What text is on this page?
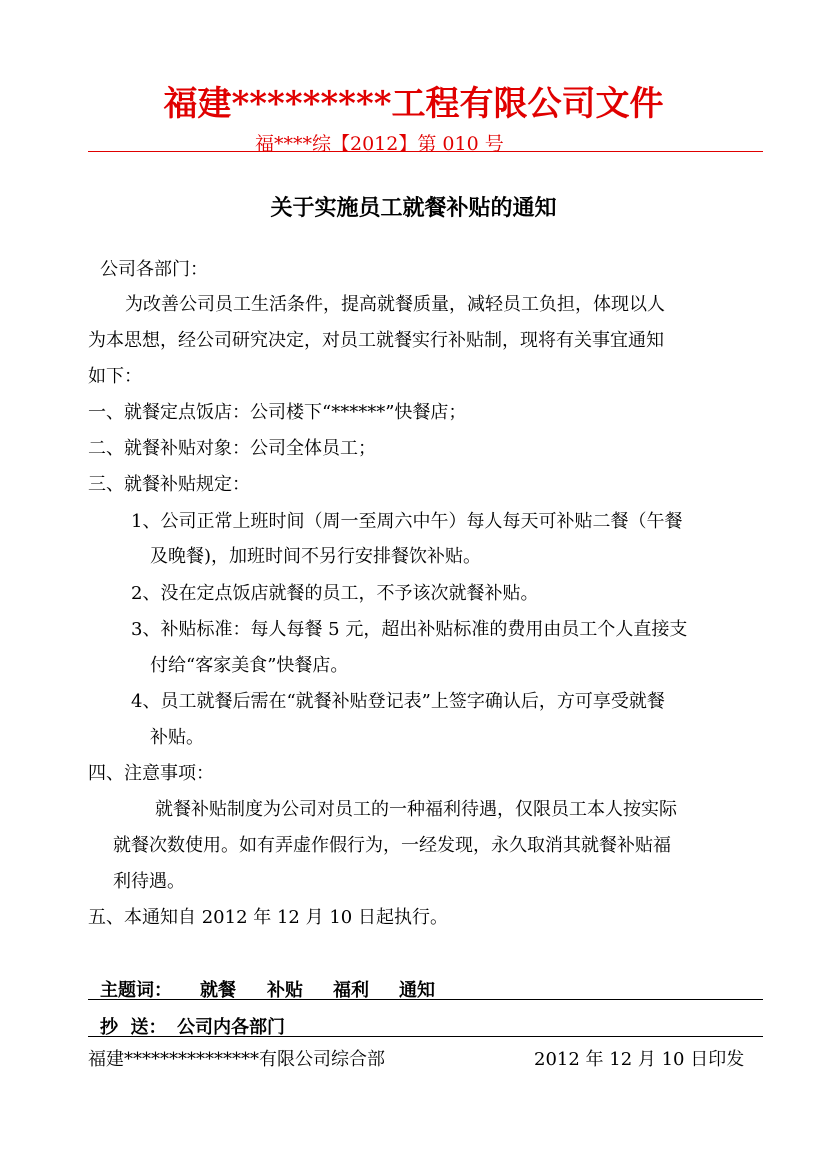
福建*********工程有限公司文件
福****综【2012】第 010 号
关于实施员工就餐补贴的通知
公司各部门：
为改善公司员工生活条件，提高就餐质量，减轻员工负担，体现以人
为本思想，经公司研究决定，对员工就餐实行补贴制，现将有关事宜通知
如下：
一、就餐定点饭店：公司楼下“******”快餐店；
二、就餐补贴对象：公司全体员工；
三、就餐补贴规定：
1、公司正常上班时间（周一至周六中午）每人每天可补贴二餐（午餐
及晚餐)，加班时间不另行安排餐饮补贴。
2、没在定点饭店就餐的员工，不予该次就餐补贴。
3、补贴标准：每人每餐 5 元，超出补贴标准的费用由员工个人直接支
付给“客家美食”快餐店。
4、员工就餐后需在“就餐补贴登记表”上签字确认后，方可享受就餐
补贴。
四、注意事项：
就餐补贴制度为公司对员工的一种福利待遇，仅限员工本人按实际
就餐次数使用。如有弄虚作假行为，一经发现，永久取消其就餐补贴福
利待遇。
五、本通知自 2012 年 12 月 10 日起执行。
主题词： 就餐 补贴 福利 通知
抄  送： 公司内各部门
福建***************有限公司综合部	2012 年 12 月 10 日印发
